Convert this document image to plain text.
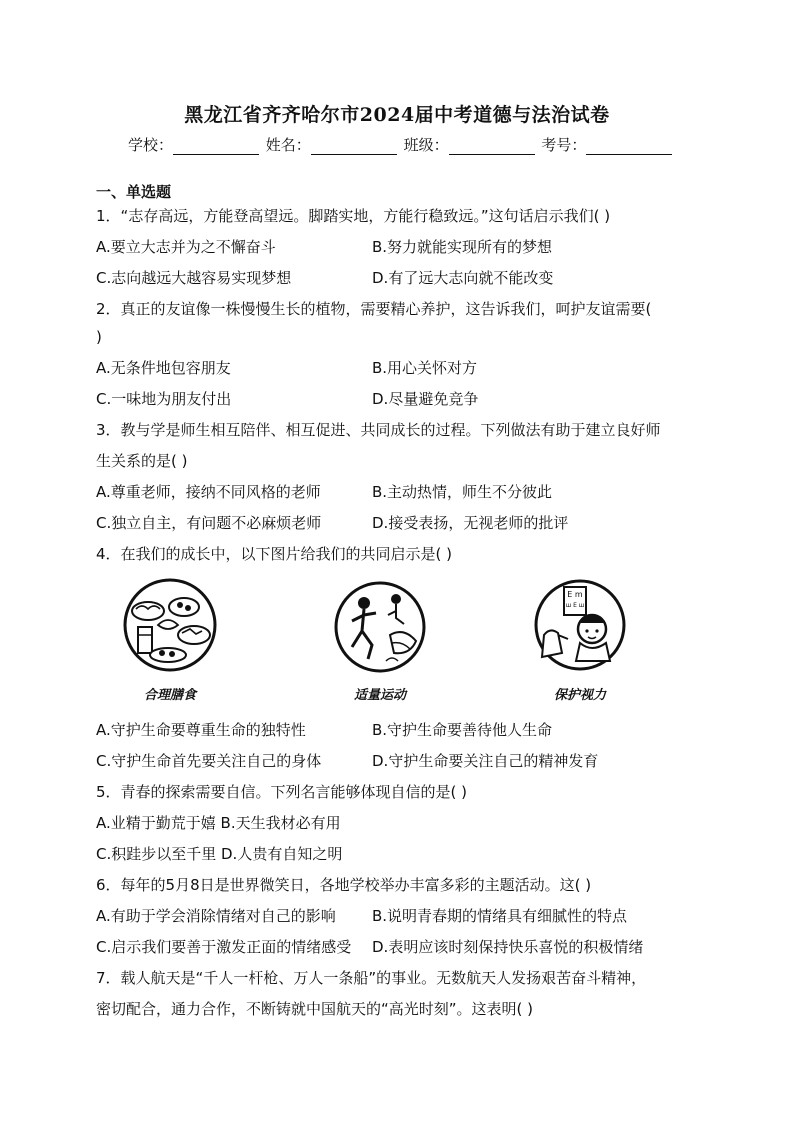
黑龙江省齐齐哈尔市2024届中考道德与法治试卷
学校：	姓名：	班级：	考号：
一、单选题
1．“志存高远，方能登高望远。脚踏实地，方能行稳致远。”这句话启示我们( )
A.要立大志并为之不懈奋斗	B.努力就能实现所有的梦想
C.志向越远大越容易实现梦想	D.有了远大志向就不能改变
2．真正的友谊像一株慢慢生长的植物，需要精心养护，这告诉我们，呵护友谊需要(
)
A.无条件地包容朋友	B.用心关怀对方
C.一味地为朋友付出	D.尽量避免竞争
3．教与学是师生相互陪伴、相互促进、共同成长的过程。下列做法有助于建立良好师
生关系的是( )
A.尊重老师，接纳不同风格的老师	B.主动热情，师生不分彼此
C.独立自主，有问题不必麻烦老师	D.接受表扬，无视老师的批评
4．在我们的成长中，以下图片给我们的共同启示是( )
合理膳食	适量运动
E m
ш E ш
保护视力
A.守护生命要尊重生命的独特性	B.守护生命要善待他人生命
C.守护生命首先要关注自己的身体	D.守护生命要关注自己的精神发育
5．青春的探索需要自信。下列名言能够体现自信的是( )
A.业精于勤荒于嬉 B.天生我材必有用
C.积跬步以至千里 D.人贵有自知之明
6．每年的5月8日是世界微笑日，各地学校举办丰富多彩的主题活动。这( )
A.有助于学会消除情绪对自己的影响 B.说明青春期的情绪具有细腻性的特点
C.启示我们要善于激发正面的情绪感受 D.表明应该时刻保持快乐喜悦的积极情绪
7．载人航天是“千人一杆枪、万人一条船”的事业。无数航天人发扬艰苦奋斗精神，
密切配合，通力合作，不断铸就中国航天的“高光时刻”。这表明( )
